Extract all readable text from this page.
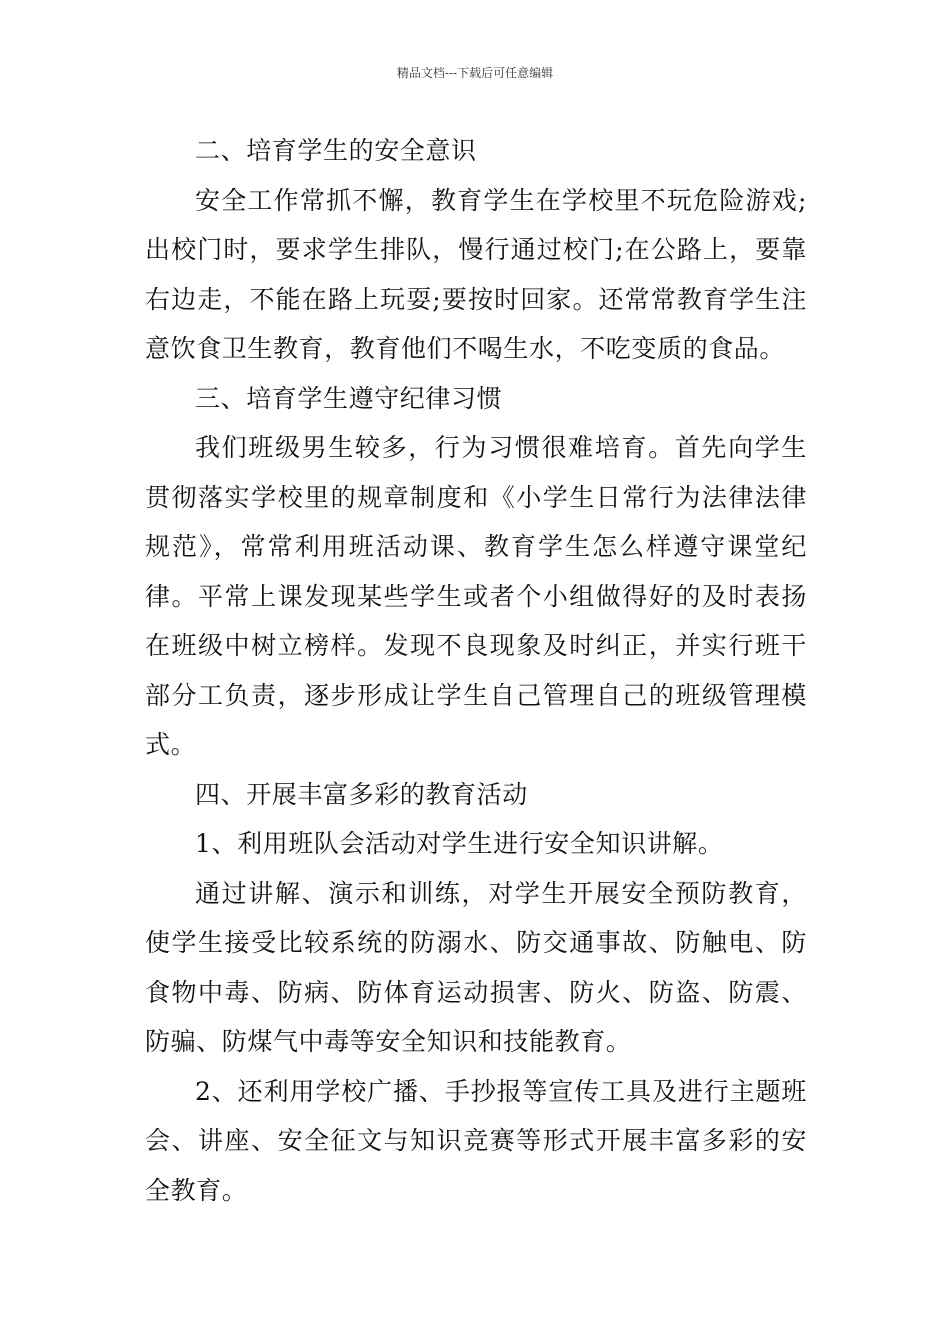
精品文档---下载后可任意编辑

二、培育学生的安全意识

安全工作常抓不懈，教育学生在学校里不玩危险游戏;出校门时，要求学生排队，慢行通过校门;在公路上，要靠右边走，不能在路上玩耍;要按时回家。还常常教育学生注意饮食卫生教育，教育他们不喝生水，不吃变质的食品。

三、培育学生遵守纪律习惯

我们班级男生较多，行为习惯很难培育。首先向学生贯彻落实学校里的规章制度和《小学生日常行为法律法律规范》，常常利用班活动课、教育学生怎么样遵守课堂纪律。平常上课发现某些学生或者个小组做得好的及时表扬在班级中树立榜样。发现不良现象及时纠正，并实行班干部分工负责，逐步形成让学生自己管理自己的班级管理模式。

四、开展丰富多彩的教育活动

1、利用班队会活动对学生进行安全知识讲解。

通过讲解、演示和训练，对学生开展安全预防教育，使学生接受比较系统的防溺水、防交通事故、防触电、防食物中毒、防病、防体育运动损害、防火、防盗、防震、防骗、防煤气中毒等安全知识和技能教育。

2、还利用学校广播、手抄报等宣传工具及进行主题班会、讲座、安全征文与知识竞赛等形式开展丰富多彩的安全教育。
